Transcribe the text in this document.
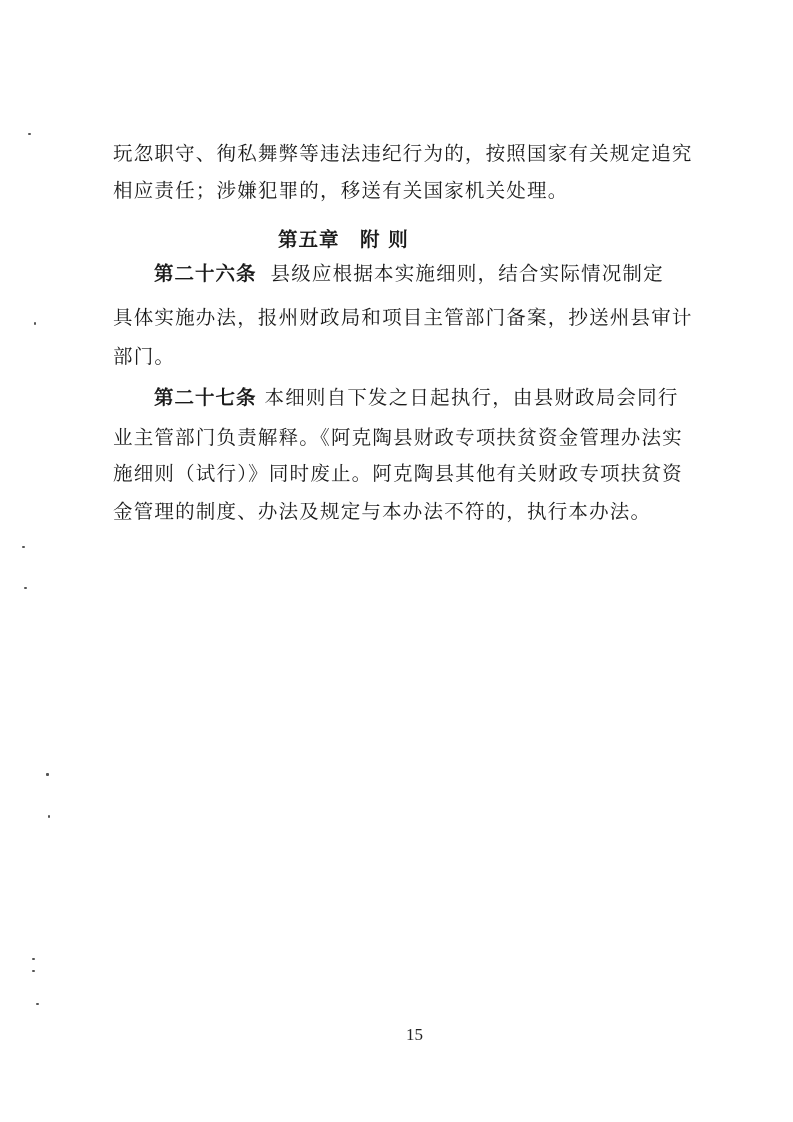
玩忽职守、徇私舞弊等违法违纪行为的，按照国家有关规定追究
相应责任；涉嫌犯罪的，移送有关国家机关处理。
第五章　附 则
第二十六条 县级应根据本实施细则，结合实际情况制定
具体实施办法，报州财政局和项目主管部门备案，抄送州县审计
部门。
第二十七条 本细则自下发之日起执行，由县财政局会同行
业主管部门负责解释。《阿克陶县财政专项扶贫资金管理办法实
施细则（试行）》同时废止。阿克陶县其他有关财政专项扶贫资
金管理的制度、办法及规定与本办法不符的，执行本办法。
15
